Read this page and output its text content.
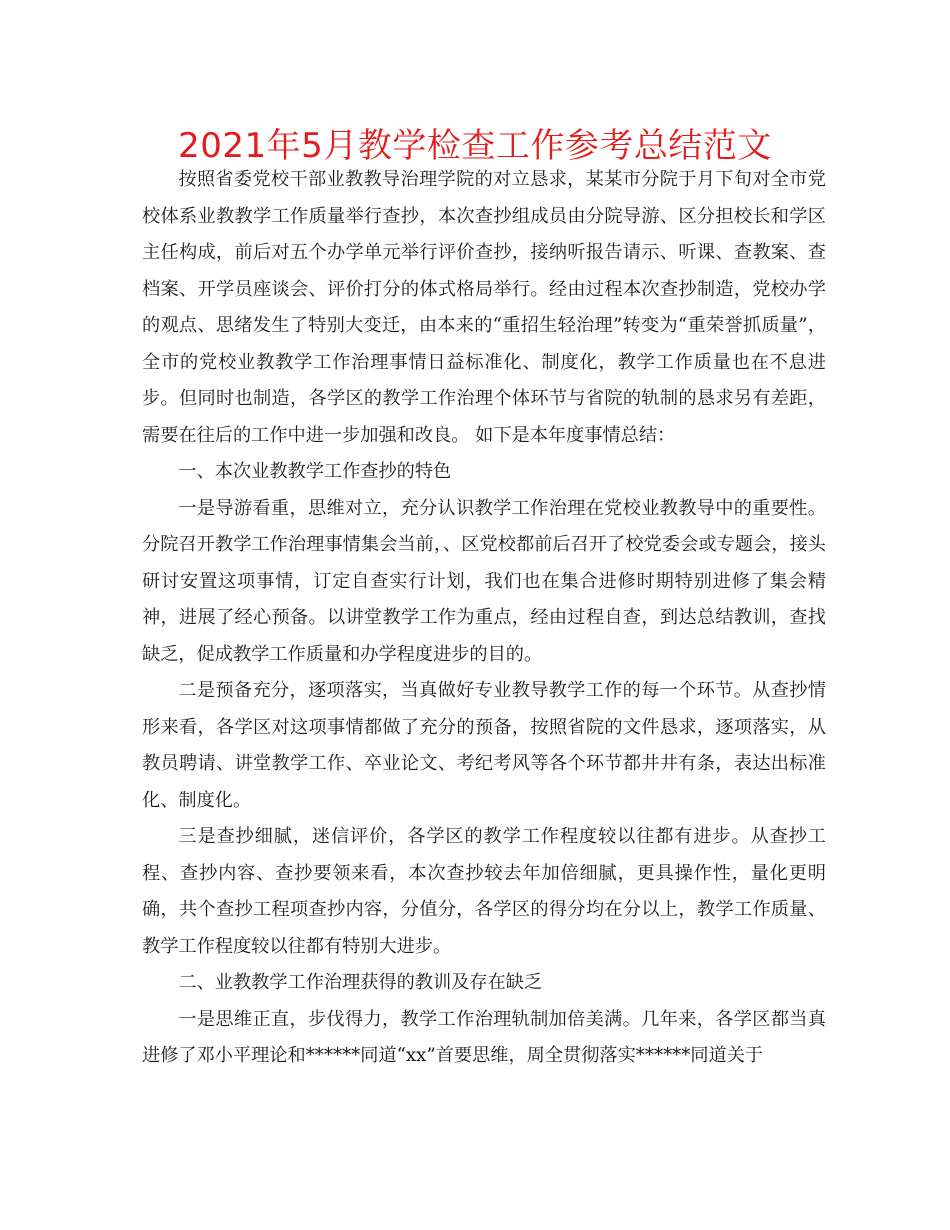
2021年5月教学检查工作参考总结范文

按照省委党校干部业教教导治理学院的对立恳求，某某市分院于月下旬对全市党校体系业教教学工作质量举行查抄，本次查抄组成员由分院导游、区分担校长和学区主任构成，前后对五个办学单元举行评价查抄，接纳听报告请示、听课、查教案、查档案、开学员座谈会、评价打分的体式格局举行。经由过程本次查抄制造，党校办学的观点、思绪发生了特别大变迁，由本来的“重招生轻治理”转变为“重荣誉抓质量”，全市的党校业教教学工作治理事情日益标准化、制度化，教学工作质量也在不息进步。但同时也制造，各学区的教学工作治理个体环节与省院的轨制的恳求另有差距，需要在往后的工作中进一步加强和改良。 如下是本年度事情总结：

一、本次业教教学工作查抄的特色

一是导游看重，思维对立，充分认识教学工作治理在党校业教教导中的重要性。分院召开教学工作治理事情集会当前，、区党校都前后召开了校党委会或专题会，接头研讨安置这项事情，订定自查实行计划，我们也在集合进修时期特别进修了集会精神，进展了经心预备。以讲堂教学工作为重点，经由过程自查，到达总结教训，查找缺乏，促成教学工作质量和办学程度进步的目的。

二是预备充分，逐项落实，当真做好专业教导教学工作的每一个环节。从查抄情形来看，各学区对这项事情都做了充分的预备，按照省院的文件恳求，逐项落实，从教员聘请、讲堂教学工作、卒业论文、考纪考风等各个环节都井井有条，表达出标准化、制度化。

三是查抄细腻，迷信评价，各学区的教学工作程度较以往都有进步。从查抄工程、查抄内容、查抄要领来看，本次查抄较去年加倍细腻，更具操作性，量化更明确，共个查抄工程项查抄内容，分值分，各学区的得分均在分以上，教学工作质量、教学工作程度较以往都有特别大进步。

二、业教教学工作治理获得的教训及存在缺乏

一是思维正直，步伐得力，教学工作治理轨制加倍美满。几年来，各学区都当真进修了邓小平理论和******同道“xx”首要思维，周全贯彻落实******同道关于
